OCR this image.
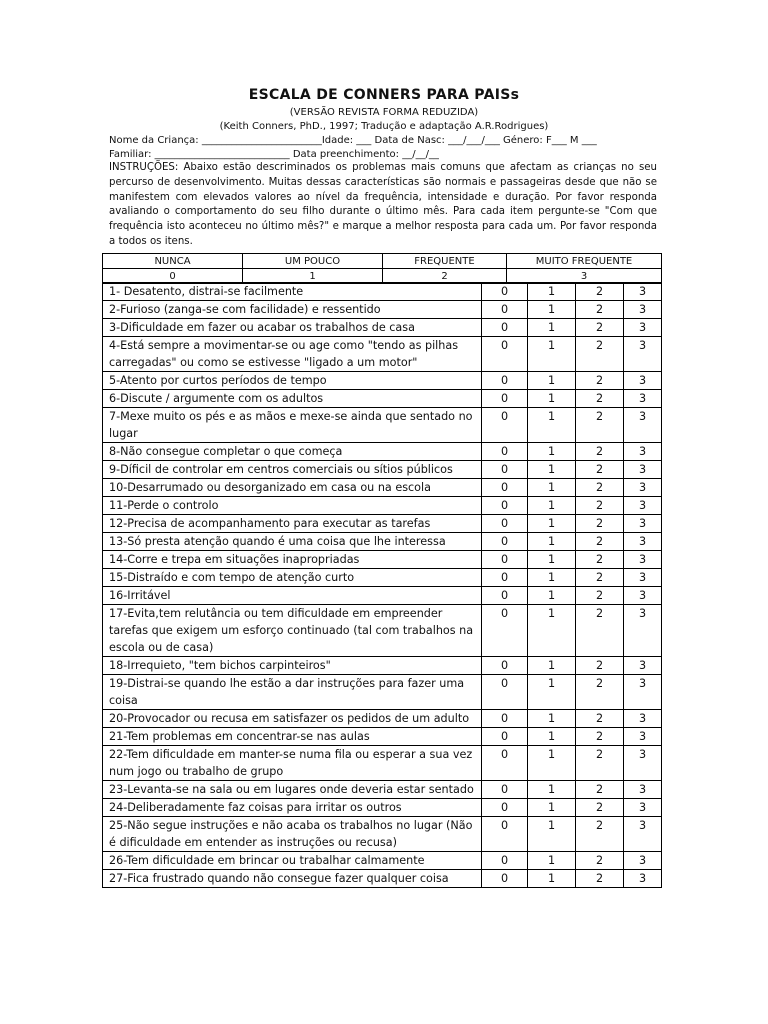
ESCALA DE CONNERS PARA PAISs
(VERSÃO REVISTA FORMA REDUZIDA)
(Keith Conners, PhD., 1997; Tradução e adaptação A.R.Rodrigues)
Nome da Criança: ________________________Idade: ___ Data de Nasc: ___/___/___ Género: F___ M ___
Familiar: ___________________________ Data preenchimento: __/__/__
INSTRUÇÕES: Abaixo estão descriminados os problemas mais comuns que afectam as crianças no seu percurso de desenvolvimento. Muitas dessas características são normais e passageiras desde que não se manifestem com elevados valores ao nível da frequência, intensidade e duração. Por favor responda avaliando o comportamento do seu filho durante o último mês. Para cada item pergunte-se "Com que frequência isto aconteceu no último mês?" e marque a melhor resposta para cada um. Por favor responda a todos os itens.
NUNCA	UM POUCO	FREQUENTE	MUITO FREQUENTE
0	1	2	3
1- Desatento, distrai-se facilmente	0	1	2	3
2-Furioso (zanga-se com facilidade) e ressentido	0	1	2	3
3-Dificuldade em fazer ou acabar os trabalhos de casa	0	1	2	3
4-Está sempre a movimentar-se ou age como "tendo as pilhas carregadas" ou como se estivesse "ligado a um motor"	0	1	2	3
5-Atento por curtos períodos de tempo	0	1	2	3
6-Discute / argumente com os adultos	0	1	2	3
7-Mexe muito os pés e as mãos e mexe-se ainda que sentado no lugar	0	1	2	3
8-Não consegue completar o que começa	0	1	2	3
9-Díficil de controlar em centros comerciais ou sítios públicos	0	1	2	3
10-Desarrumado ou desorganizado em casa ou na escola	0	1	2	3
11-Perde o controlo	0	1	2	3
12-Precisa de acompanhamento para executar as tarefas	0	1	2	3
13-Só presta atenção quando é uma coisa que lhe interessa	0	1	2	3
14-Corre e trepa em situações inapropriadas	0	1	2	3
15-Distraído e com tempo de atenção curto	0	1	2	3
16-Irritável	0	1	2	3
17-Evita,tem relutância ou tem dificuldade em empreender tarefas que exigem um esforço continuado (tal com trabalhos na escola ou de casa)	0	1	2	3
18-Irrequieto, "tem bichos carpinteiros"	0	1	2	3
19-Distrai-se quando lhe estão a dar instruções para fazer uma coisa	0	1	2	3
20-Provocador ou recusa em satisfazer os pedidos de um adulto	0	1	2	3
21-Tem problemas em concentrar-se nas aulas	0	1	2	3
22-Tem dificuldade em manter-se numa fila ou esperar a sua vez num jogo ou trabalho de grupo	0	1	2	3
23-Levanta-se na sala ou em lugares onde deveria estar sentado	0	1	2	3
24-Deliberadamente faz coisas para irritar os outros	0	1	2	3
25-Não segue instruções e não acaba os trabalhos no lugar (Não é dificuldade em entender as instruções ou recusa)	0	1	2	3
26-Tem dificuldade em brincar ou trabalhar calmamente	0	1	2	3
27-Fica frustrado quando não consegue fazer qualquer coisa	0	1	2	3
